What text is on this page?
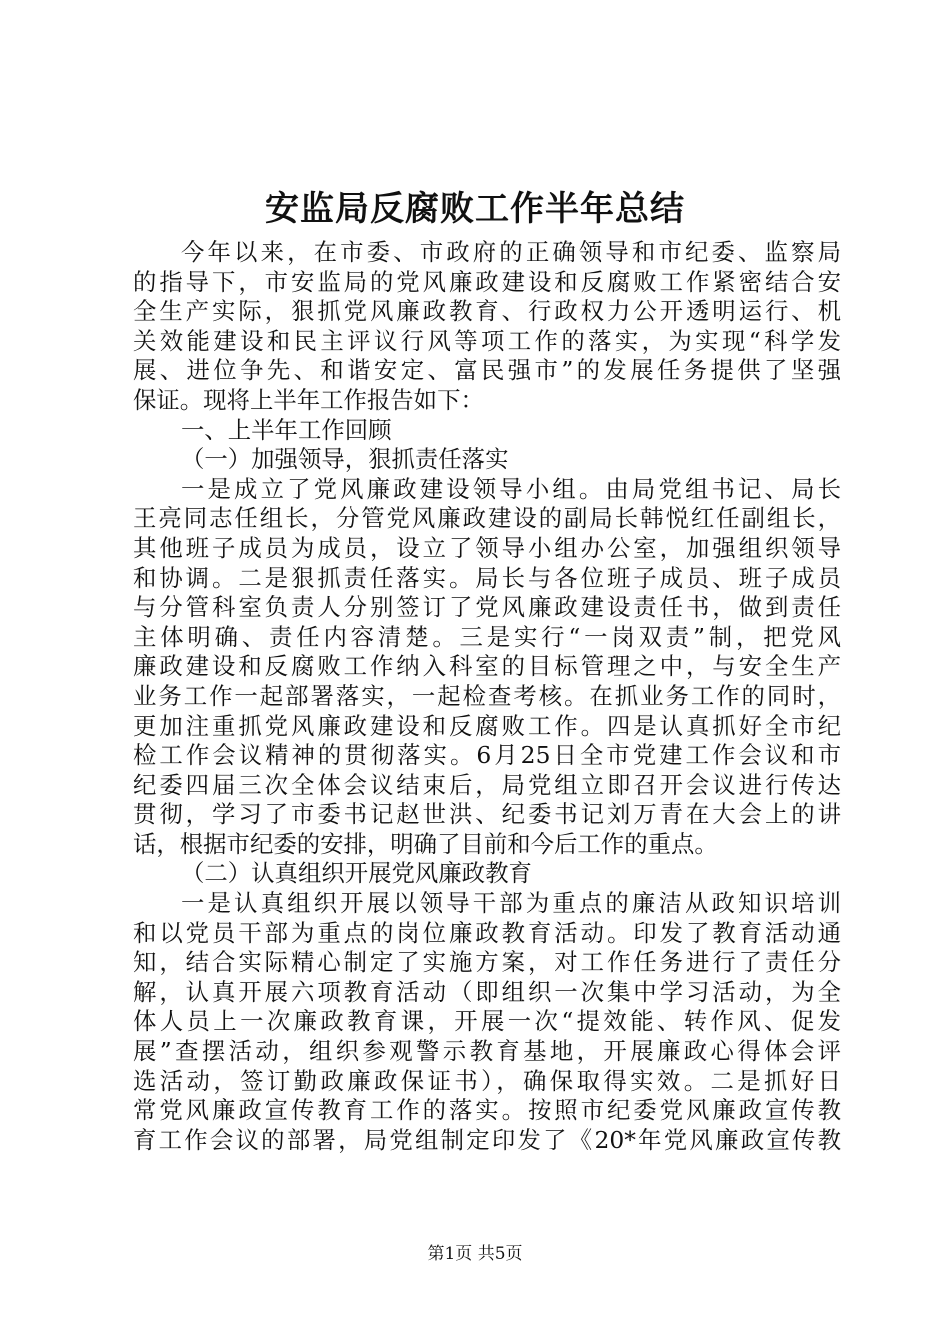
安监局反腐败工作半年总结
今年以来，在市委、市政府的正确领导和市纪委、监察局
的指导下，市安监局的党风廉政建设和反腐败工作紧密结合安
全生产实际，狠抓党风廉政教育、行政权力公开透明运行、机
关效能建设和民主评议行风等项工作的落实，为实现“科学发
展、进位争先、和谐安定、富民强市”的发展任务提供了坚强
保证。现将上半年工作报告如下：
一、上半年工作回顾
（一）加强领导，狠抓责任落实
一是成立了党风廉政建设领导小组。由局党组书记、局长
王亮同志任组长，分管党风廉政建设的副局长韩悦红任副组长，
其他班子成员为成员，设立了领导小组办公室，加强组织领导
和协调。二是狠抓责任落实。局长与各位班子成员、班子成员
与分管科室负责人分别签订了党风廉政建设责任书，做到责任
主体明确、责任内容清楚。三是实行“一岗双责”制，把党风
廉政建设和反腐败工作纳入科室的目标管理之中，与安全生产
业务工作一起部署落实，一起检查考核。在抓业务工作的同时，
更加注重抓党风廉政建设和反腐败工作。四是认真抓好全市纪
检工作会议精神的贯彻落实。6月25日全市党建工作会议和市
纪委四届三次全体会议结束后，局党组立即召开会议进行传达
贯彻，学习了市委书记赵世洪、纪委书记刘万青在大会上的讲
话，根据市纪委的安排，明确了目前和今后工作的重点。
（二）认真组织开展党风廉政教育
一是认真组织开展以领导干部为重点的廉洁从政知识培训
和以党员干部为重点的岗位廉政教育活动。印发了教育活动通
知，结合实际精心制定了实施方案，对工作任务进行了责任分
解，认真开展六项教育活动（即组织一次集中学习活动，为全
体人员上一次廉政教育课，开展一次“提效能、转作风、促发
展”查摆活动，组织参观警示教育基地，开展廉政心得体会评
选活动，签订勤政廉政保证书），确保取得实效。二是抓好日
常党风廉政宣传教育工作的落实。按照市纪委党风廉政宣传教
育工作会议的部署，局党组制定印发了《20*年党风廉政宣传教
第1页 共5页
